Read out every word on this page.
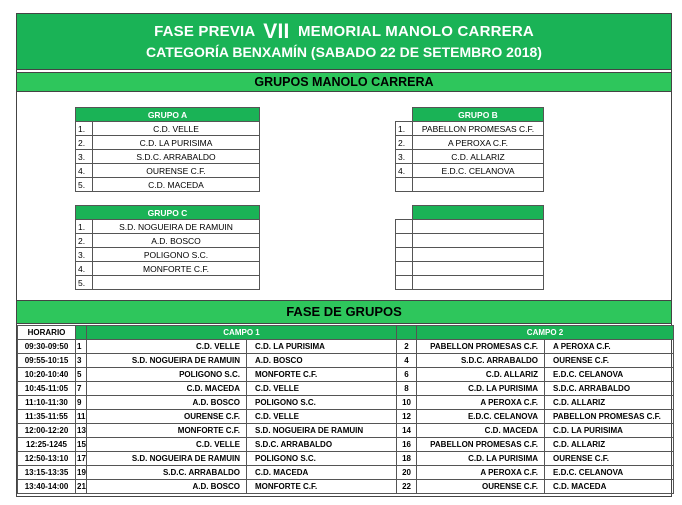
FASE PREVIA VII MEMORIAL MANOLO CARRERA
CATEGORÍA BENXAMÍN (SABADO 22 DE SETEMBRO 2018)
GRUPOS MANOLO CARRERA
GRUPO A	
1.	C.D. VELLE
2.	C.D. LA PURISIMA
3.	S.D.C. ARRABALDO
4.	OURENSE C.F.
5.	C.D. MACEDA
	GRUPO B
1.	PABELLON PROMESAS C.F.
2.	A PEROXA C.F.
3.	C.D. ALLARIZ
4.	E.D.C. CELANOVA

GRUPO C	
1.	S.D. NOGUEIRA DE RAMUIN
2.	A.D. BOSCO
3.	POLIGONO S.C.
4.	MONFORTE C.F.
5.	

FASE DE GRUPOS
HORARIO		CAMPO 1			CAMPO 2	
09:30-09:50	1	C.D. VELLE	C.D. LA PURISIMA	2	PABELLON PROMESAS C.F.	A PEROXA C.F.
09:55-10:15	3	S.D. NOGUEIRA DE RAMUIN	A.D. BOSCO	4	S.D.C. ARRABALDO	OURENSE C.F.
10:20-10:40	5	POLIGONO S.C.	MONFORTE C.F.	6	C.D. ALLARIZ	E.D.C. CELANOVA
10:45-11:05	7	C.D. MACEDA	C.D. VELLE	8	C.D. LA PURISIMA	S.D.C. ARRABALDO
11:10-11:30	9	A.D. BOSCO	POLIGONO S.C.	10	A PEROXA C.F.	C.D. ALLARIZ
11:35-11:55	11	OURENSE C.F.	C.D. VELLE	12	E.D.C. CELANOVA	PABELLON PROMESAS C.F.
12:00-12:20	13	MONFORTE C.F.	S.D. NOGUEIRA DE RAMUIN	14	C.D. MACEDA	C.D. LA PURISIMA
12:25-1245	15	C.D. VELLE	S.D.C. ARRABALDO	16	PABELLON PROMESAS C.F.	C.D. ALLARIZ
12:50-13:10	17	S.D. NOGUEIRA DE RAMUIN	POLIGONO S.C.	18	C.D. LA PURISIMA	OURENSE C.F.
13:15-13:35	19	S.D.C. ARRABALDO	C.D. MACEDA	20	A PEROXA C.F.	E.D.C. CELANOVA
13:40-14:00	21	A.D. BOSCO	MONFORTE C.F.	22	OURENSE C.F.	C.D. MACEDA
